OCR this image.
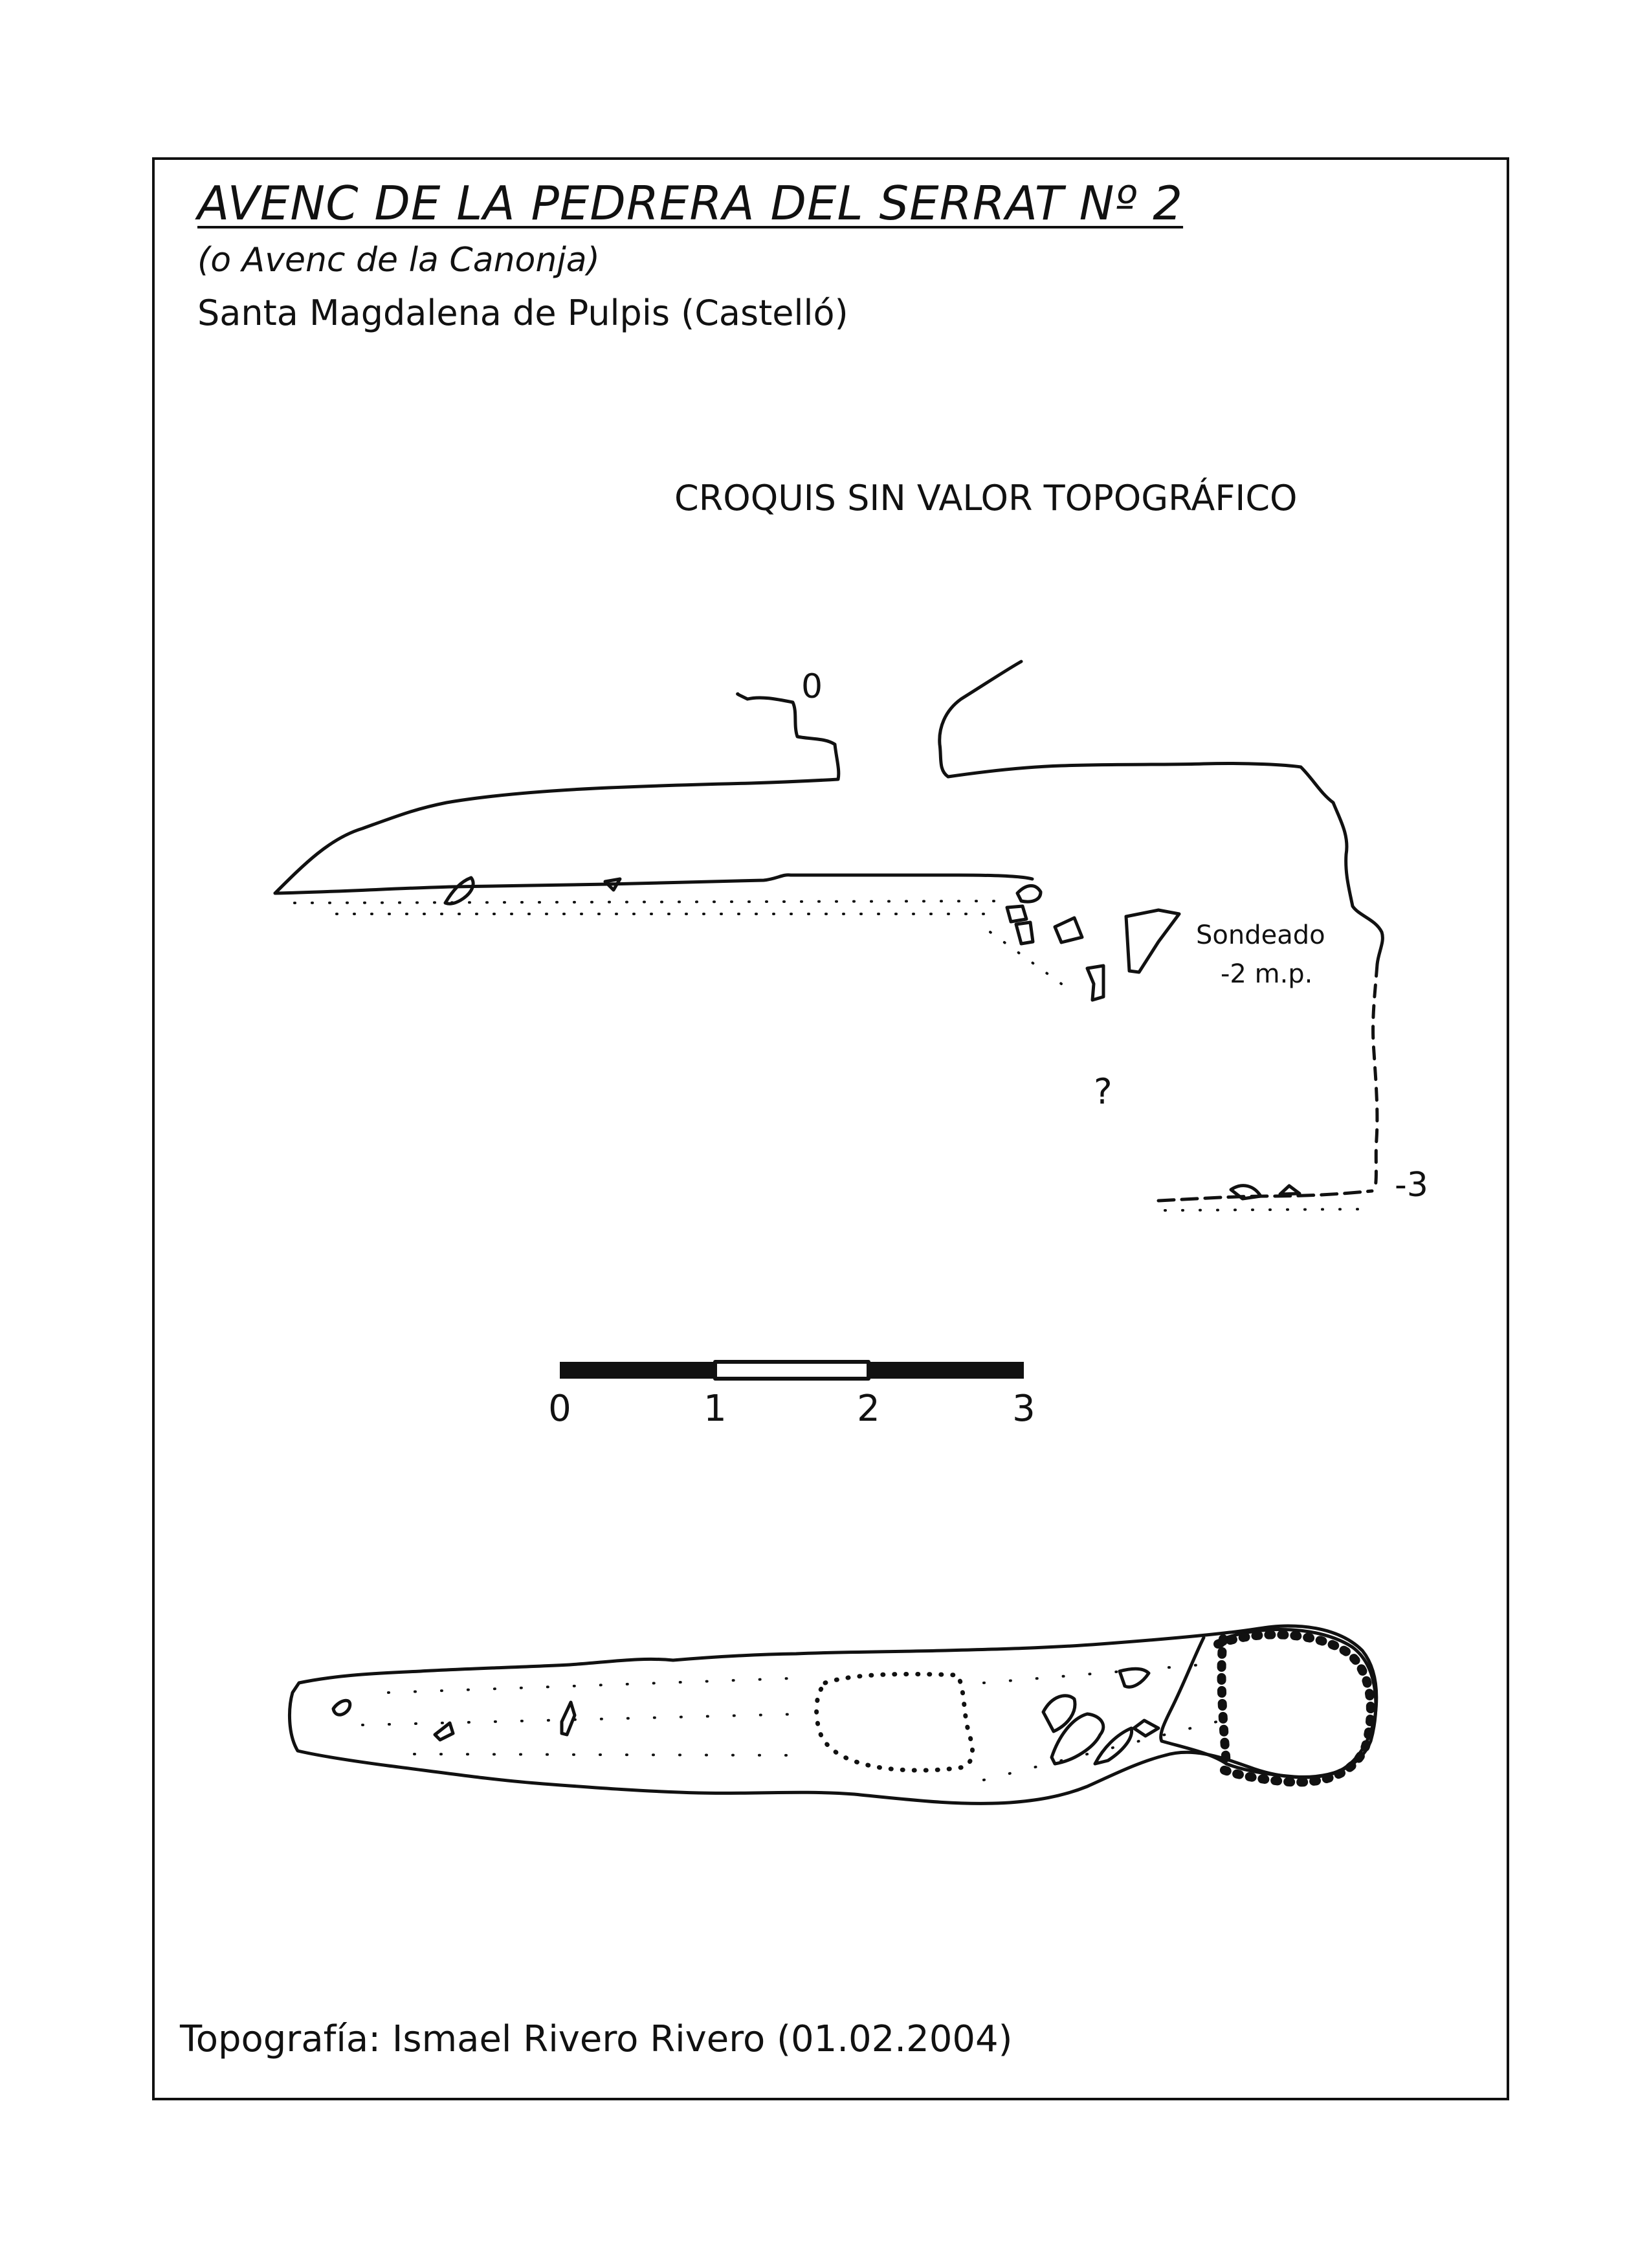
AVENC DE LA PEDRERA DEL SERRAT Nº 2
(o Avenc de la Canonja)
Santa Magdalena de Pulpis (Castelló)
CROQUIS SIN VALOR TOPOGRÁFICO
0
-3
Sondeado
-2 m.p.
?
0	1	2	3
Topografía: Ismael Rivero Rivero (01.02.2004)
